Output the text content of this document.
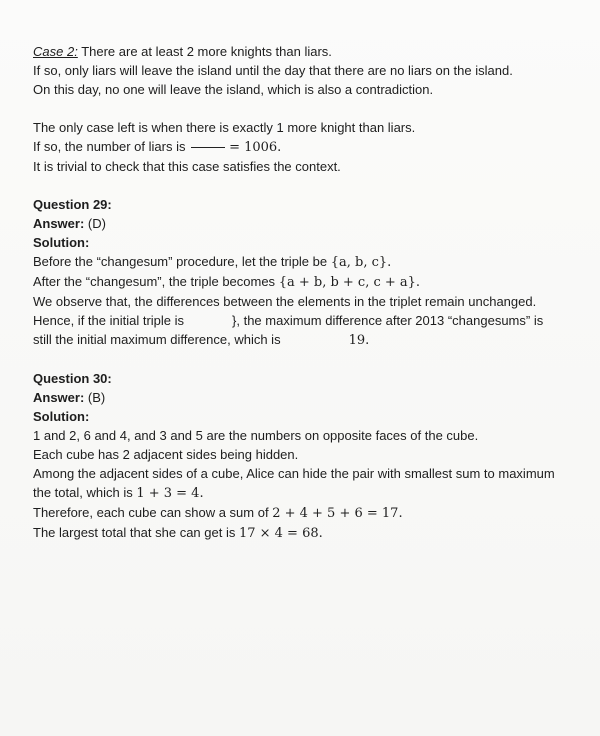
Case 2: There are at least 2 more knights than liars.

If so, only liars will leave the island until the day that there are no liars on the island.

On this day, no one will leave the island, which is also a contradiction.

The only case left is when there is exactly 1 more knight than liars.

If so, the number of liars is	= 1006.

It is trivial to check that this case satisfies the context.

Question 29:

Answer: (D)

Solution:

Before the “changesum” procedure, let the triple be {a, b, c}.

After the “changesum”, the triple becomes {a + b, b + c, c + a}.

We observe that, the differences between the elements in the triplet remain unchanged.

Hence, if the initial triple is	}, the maximum difference after 2013 “changesums” is

still the initial maximum difference, which is	19.

Question 30:

Answer: (B)

Solution:

1 and 2, 6 and 4, and 3 and 5 are the numbers on opposite faces of the cube.

Each cube has 2 adjacent sides being hidden.

Among the adjacent sides of a cube, Alice can hide the pair with smallest sum to maximum

the total, which is 1 + 3 = 4.

Therefore, each cube can show a sum of 2 + 4 + 5 + 6 = 17.

The largest total that she can get is 17 × 4 = 68.
